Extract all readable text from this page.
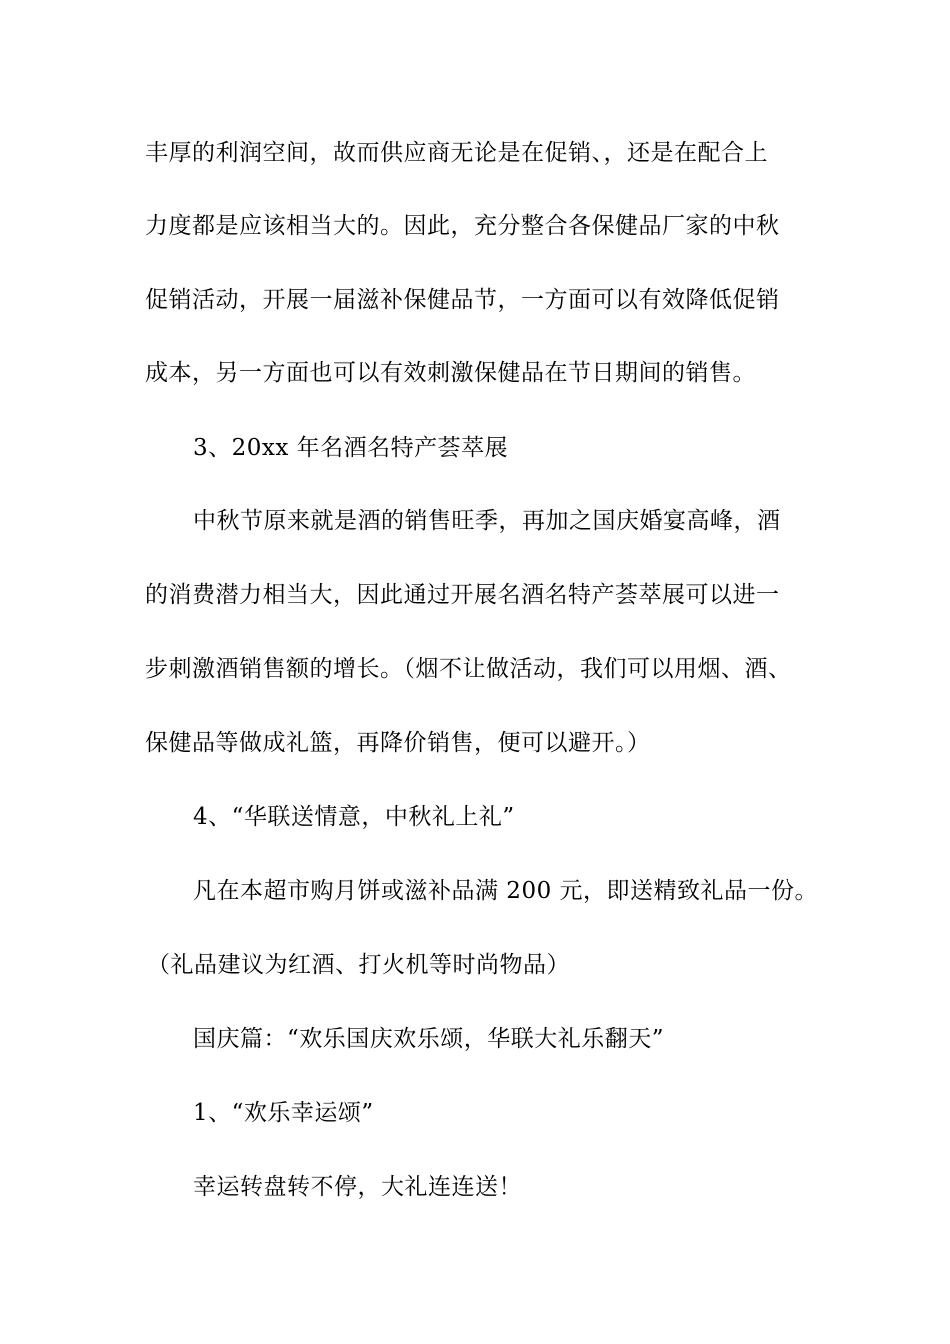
丰厚的利润空间，故而供应商无论是在促销、，还是在配合上
力度都是应该相当大的。因此，充分整合各保健品厂家的中秋
促销活动，开展一届滋补保健品节，一方面可以有效降低促销
成本，另一方面也可以有效刺激保健品在节日期间的销售。
3、20xx 年名酒名特产荟萃展
中秋节原来就是酒的销售旺季，再加之国庆婚宴高峰，酒
的消费潜力相当大，因此通过开展名酒名特产荟萃展可以进一
步刺激酒销售额的增长。（烟不让做活动，我们可以用烟、酒、
保健品等做成礼篮，再降价销售，便可以避开。）
4、“华联送情意，中秋礼上礼”
凡在本超市购月饼或滋补品满 200 元，即送精致礼品一份。
（礼品建议为红酒、打火机等时尚物品）
国庆篇：“欢乐国庆欢乐颂，华联大礼乐翻天”
1、“欢乐幸运颂”
幸运转盘转不停，大礼连连送！
